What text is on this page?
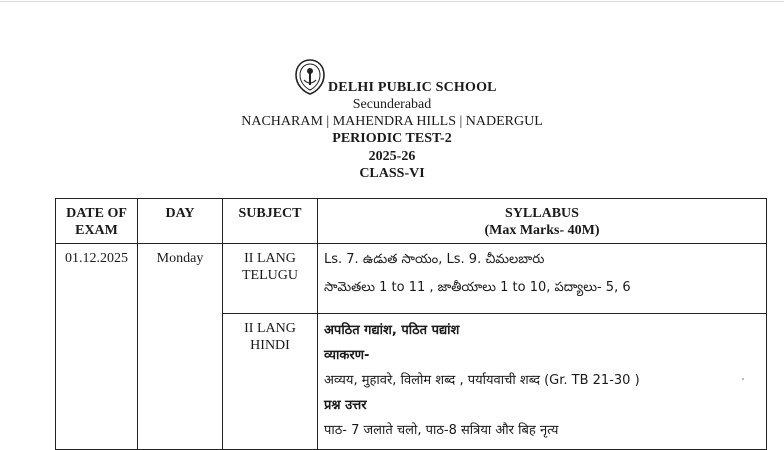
DELHI PUBLIC SCHOOL
Secunderabad
NACHARAM | MAHENDRA HILLS | NADERGUL
PERIODIC TEST-2
2025-26
CLASS-VI
DATE OF EXAM	DAY	SUBJECT	SYLLABUS
(Max Marks- 40M)

01.12.2025	Monday	II LANG TELUGU	Ls. 7. ఉడుత సాయం, Ls. 9. చీమలబారు
సామెతలు 1 to 11 , జాతీయాలు 1 to 10, పద్యాలు- 5, 6

		II LANG HINDI	अपठित गद्यांश, पठित पद्यांश
व्याकरण-
अव्यय, मुहावरे, विलोम शब्द , पर्यायवाची शब्द (Gr. TB 21-30 )
प्रश्न उत्तर
पाठ- 7 जलाते चलो, पाठ-8 सत्रिया और बिह नृत्य
